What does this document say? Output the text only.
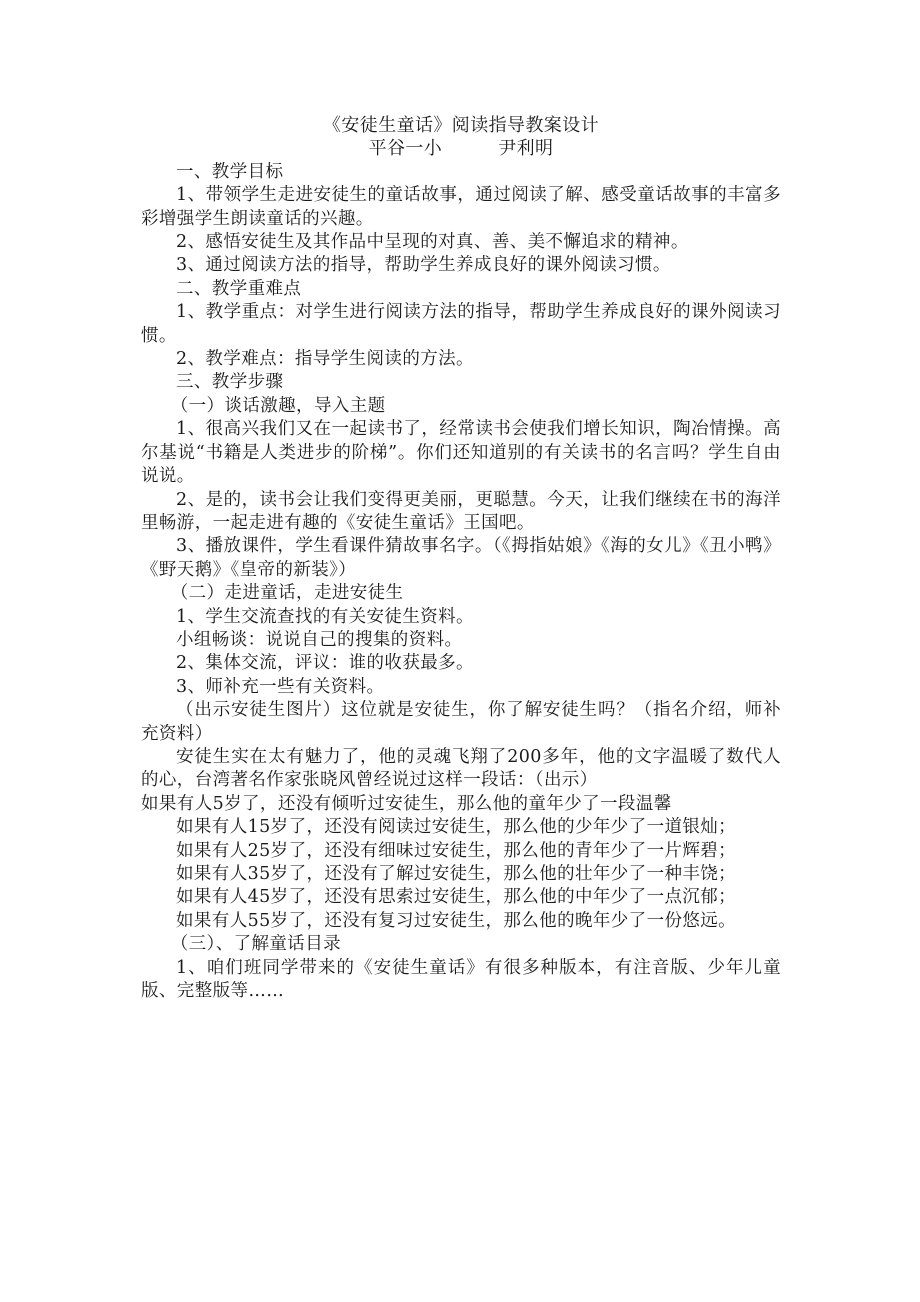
《安徒生童话》阅读指导教案设计

平谷一小	尹利明

一、教学目标

1、带领学生走进安徒生的童话故事，通过阅读了解、感受童话故事的丰富多彩增强学生朗读童话的兴趣。

2、感悟安徒生及其作品中呈现的对真、善、美不懈追求的精神。

3、通过阅读方法的指导，帮助学生养成良好的课外阅读习惯。

二、教学重难点

1、教学重点：对学生进行阅读方法的指导，帮助学生养成良好的课外阅读习惯。

2、教学难点：指导学生阅读的方法。

三、教学步骤

（一）谈话激趣，导入主题

1、很高兴我们又在一起读书了，经常读书会使我们增长知识，陶冶情操。高尔基说“书籍是人类进步的阶梯”。你们还知道别的有关读书的名言吗？学生自由说说。

2、是的，读书会让我们变得更美丽，更聪慧。今天，让我们继续在书的海洋里畅游，一起走进有趣的《安徒生童话》王国吧。

3、播放课件，学生看课件猜故事名字。（《拇指姑娘》《海的女儿》《丑小鸭》《野天鹅》《皇帝的新装》）

（二）走进童话，走进安徒生

1、学生交流查找的有关安徒生资料。

小组畅谈：说说自己的搜集的资料。

2、集体交流，评议：谁的收获最多。

3、师补充一些有关资料。

（出示安徒生图片）这位就是安徒生，你了解安徒生吗？（指名介绍，师补充资料）

安徒生实在太有魅力了，他的灵魂飞翔了200多年，他的文字温暖了数代人的心，台湾著名作家张晓风曾经说过这样一段话：（出示）

如果有人5岁了，还没有倾听过安徒生，那么他的童年少了一段温馨

如果有人15岁了，还没有阅读过安徒生，那么他的少年少了一道银灿；

如果有人25岁了，还没有细味过安徒生，那么他的青年少了一片辉碧；

如果有人35岁了，还没有了解过安徒生，那么他的壮年少了一种丰饶；

如果有人45岁了，还没有思索过安徒生，那么他的中年少了一点沉郁；

如果有人55岁了，还没有复习过安徒生，那么他的晚年少了一份悠远。

（三）、了解童话目录

1、咱们班同学带来的《安徒生童话》有很多种版本，有注音版、少年儿童版、完整版等……
